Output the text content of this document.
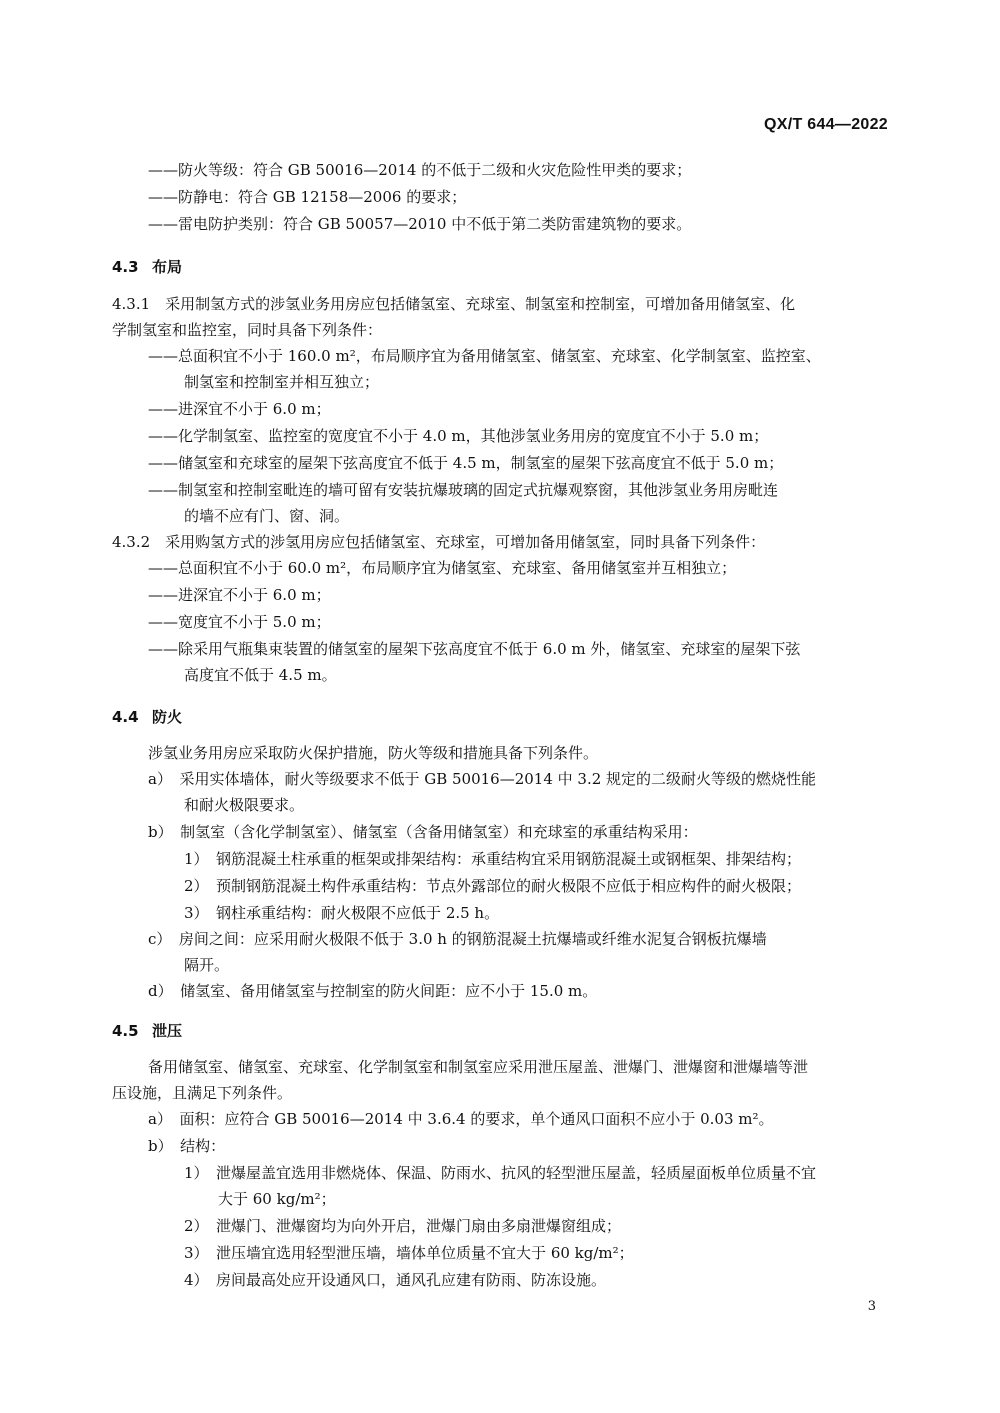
QX/T 644—2022
——防火等级：符合 GB 50016—2014 的不低于二级和火灾危险性甲类的要求；
——防静电：符合 GB 12158—2006 的要求；
——雷电防护类别：符合 GB 50057—2010 中不低于第二类防雷建筑物的要求。
4.3 布局
4.3.1　采用制氢方式的涉氢业务用房应包括储氢室、充球室、制氢室和控制室，可增加备用储氢室、化
学制氢室和监控室，同时具备下列条件：
——总面积宜不小于 160.0 m²，布局顺序宜为备用储氢室、储氢室、充球室、化学制氢室、监控室、
制氢室和控制室并相互独立；
——进深宜不小于 6.0 m；
——化学制氢室、监控室的宽度宜不小于 4.0 m，其他涉氢业务用房的宽度宜不小于 5.0 m；
——储氢室和充球室的屋架下弦高度宜不低于 4.5 m，制氢室的屋架下弦高度宜不低于 5.0 m；
——制氢室和控制室毗连的墙可留有安装抗爆玻璃的固定式抗爆观察窗，其他涉氢业务用房毗连
的墙不应有门、窗、洞。
4.3.2　采用购氢方式的涉氢用房应包括储氢室、充球室，可增加备用储氢室，同时具备下列条件：
——总面积宜不小于 60.0 m²，布局顺序宜为储氢室、充球室、备用储氢室并互相独立；
——进深宜不小于 6.0 m；
——宽度宜不小于 5.0 m；
——除采用气瓶集束装置的储氢室的屋架下弦高度宜不低于 6.0 m 外，储氢室、充球室的屋架下弦
高度宜不低于 4.5 m。
4.4 防火
涉氢业务用房应采取防火保护措施，防火等级和措施具备下列条件。
a）　采用实体墙体，耐火等级要求不低于 GB 50016—2014 中 3.2 规定的二级耐火等级的燃烧性能
和耐火极限要求。
b）　制氢室（含化学制氢室）、储氢室（含备用储氢室）和充球室的承重结构采用：
1）　钢筋混凝土柱承重的框架或排架结构：承重结构宜采用钢筋混凝土或钢框架、排架结构；
2）　预制钢筋混凝土构件承重结构：节点外露部位的耐火极限不应低于相应构件的耐火极限；
3）　钢柱承重结构：耐火极限不应低于 2.5 h。
c）　房间之间：应采用耐火极限不低于 3.0 h 的钢筋混凝土抗爆墙或纤维水泥复合钢板抗爆墙
隔开。
d）　储氢室、备用储氢室与控制室的防火间距：应不小于 15.0 m。
4.5 泄压
备用储氢室、储氢室、充球室、化学制氢室和制氢室应采用泄压屋盖、泄爆门、泄爆窗和泄爆墙等泄
压设施，且满足下列条件。
a）　面积：应符合 GB 50016—2014 中 3.6.4 的要求，单个通风口面积不应小于 0.03 m²。
b）　结构：
1）　泄爆屋盖宜选用非燃烧体、保温、防雨水、抗风的轻型泄压屋盖，轻质屋面板单位质量不宜
大于 60 kg/m²；
2）　泄爆门、泄爆窗均为向外开启，泄爆门扇由多扇泄爆窗组成；
3）　泄压墙宜选用轻型泄压墙，墙体单位质量不宜大于 60 kg/m²；
4）　房间最高处应开设通风口，通风孔应建有防雨、防冻设施。
3
